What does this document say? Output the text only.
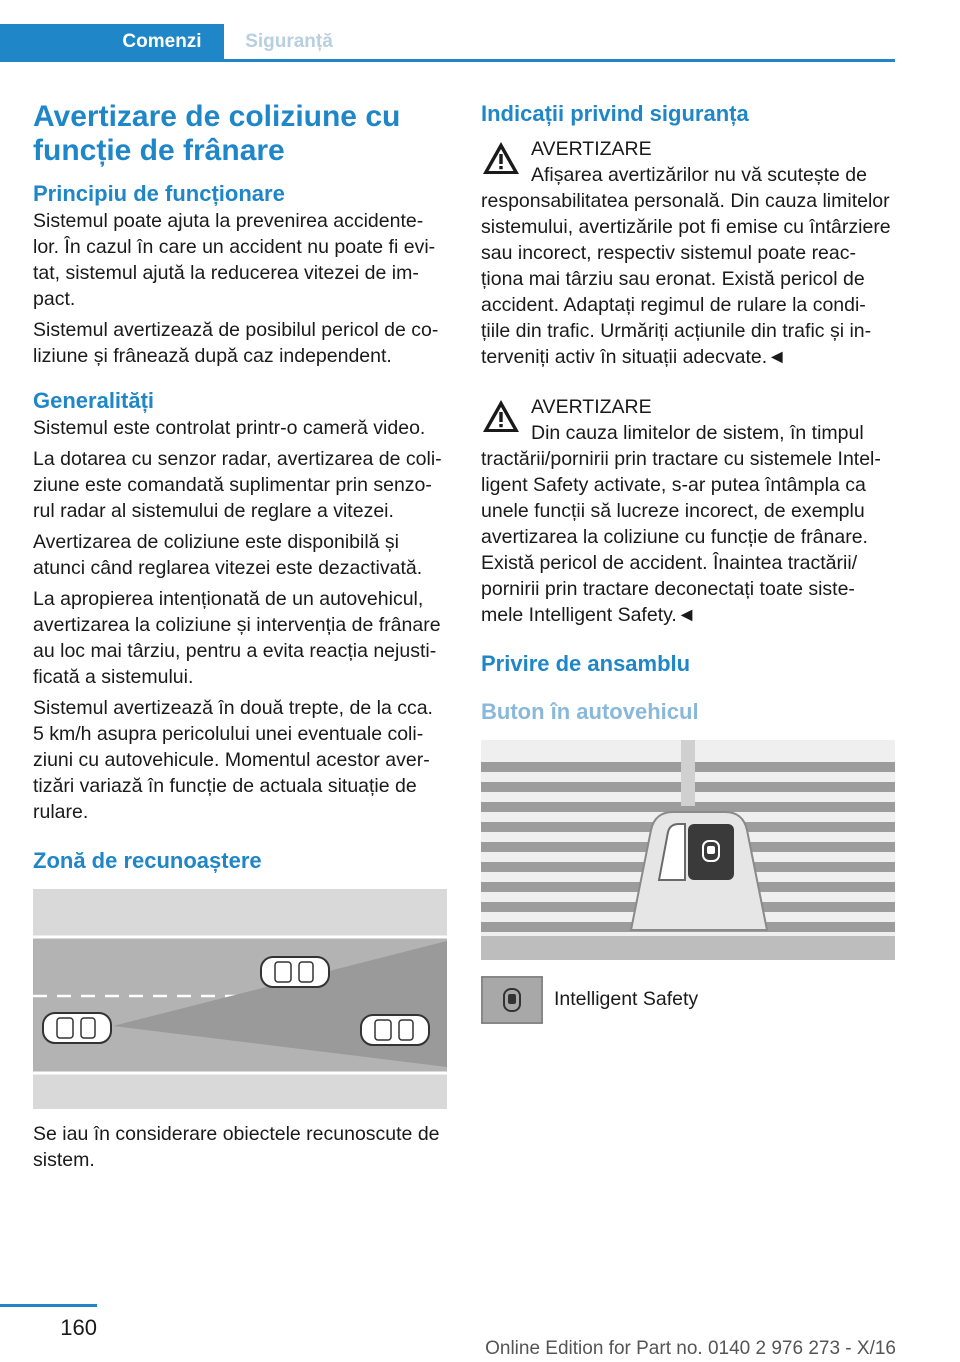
Comenzi	Siguranță
Avertizare de coliziune cu funcție de frânare
Principiu de funcționare

Sistemul poate ajuta la prevenirea accidente-lor. În cazul în care un accident nu poate fi evi-tat, sistemul ajută la reducerea vitezei de im-pact.

Sistemul avertizează de posibilul pericol de co-liziune și frânează după caz independent.

Generalități

Sistemul este controlat printr-o cameră video.

La dotarea cu senzor radar, avertizarea de coli-ziune este comandată suplimentar prin senzo-rul radar al sistemului de reglare a vitezei.

Avertizarea de coliziune este disponibilă și atunci când reglarea vitezei este dezactivată.

La apropierea intenționată de un autovehicul, avertizarea la coliziune și intervenția de frânare au loc mai târziu, pentru a evita reacția nejusti-ficată a sistemului.

Sistemul avertizează în două trepte, de la cca. 5 km/h asupra pericolului unei eventuale coli-ziuni cu autovehicule. Momentul acestor aver-tizări variază în funcție de actuala situație de rulare.

Zonă de recunoaștere

Se iau în considerare obiectele recunoscute de sistem.

Indicații privind siguranța
AVERTIZARE
Afișarea avertizărilor nu vă scutește de responsabilitatea personală. Din cauza limitelor sistemului, avertizările pot fi emise cu întârziere sau incorect, respectiv sistemul poate reac-ționa mai târziu sau eronat. Există pericol de accident. Adaptați regimul de rulare la condi-țiile din trafic. Urmăriți acțiunile din trafic și in-terveniți activ în situații adecvate.◄
AVERTIZARE
Din cauza limitelor de sistem, în timpul tractării/pornirii prin tractare cu sistemele Intel-ligent Safety activate, s-ar putea întâmpla ca unele funcții să lucreze incorect, de exemplu avertizarea la coliziune cu funcție de frânare. Există pericol de accident. Înaintea tractării/ pornirii prin tractare deconectați toate siste-mele Intelligent Safety.◄
Privire de ansamblu
Buton în autovehicul
Intelligent Safety
160
Online Edition for Part no. 0140 2 976 273 - X/16
